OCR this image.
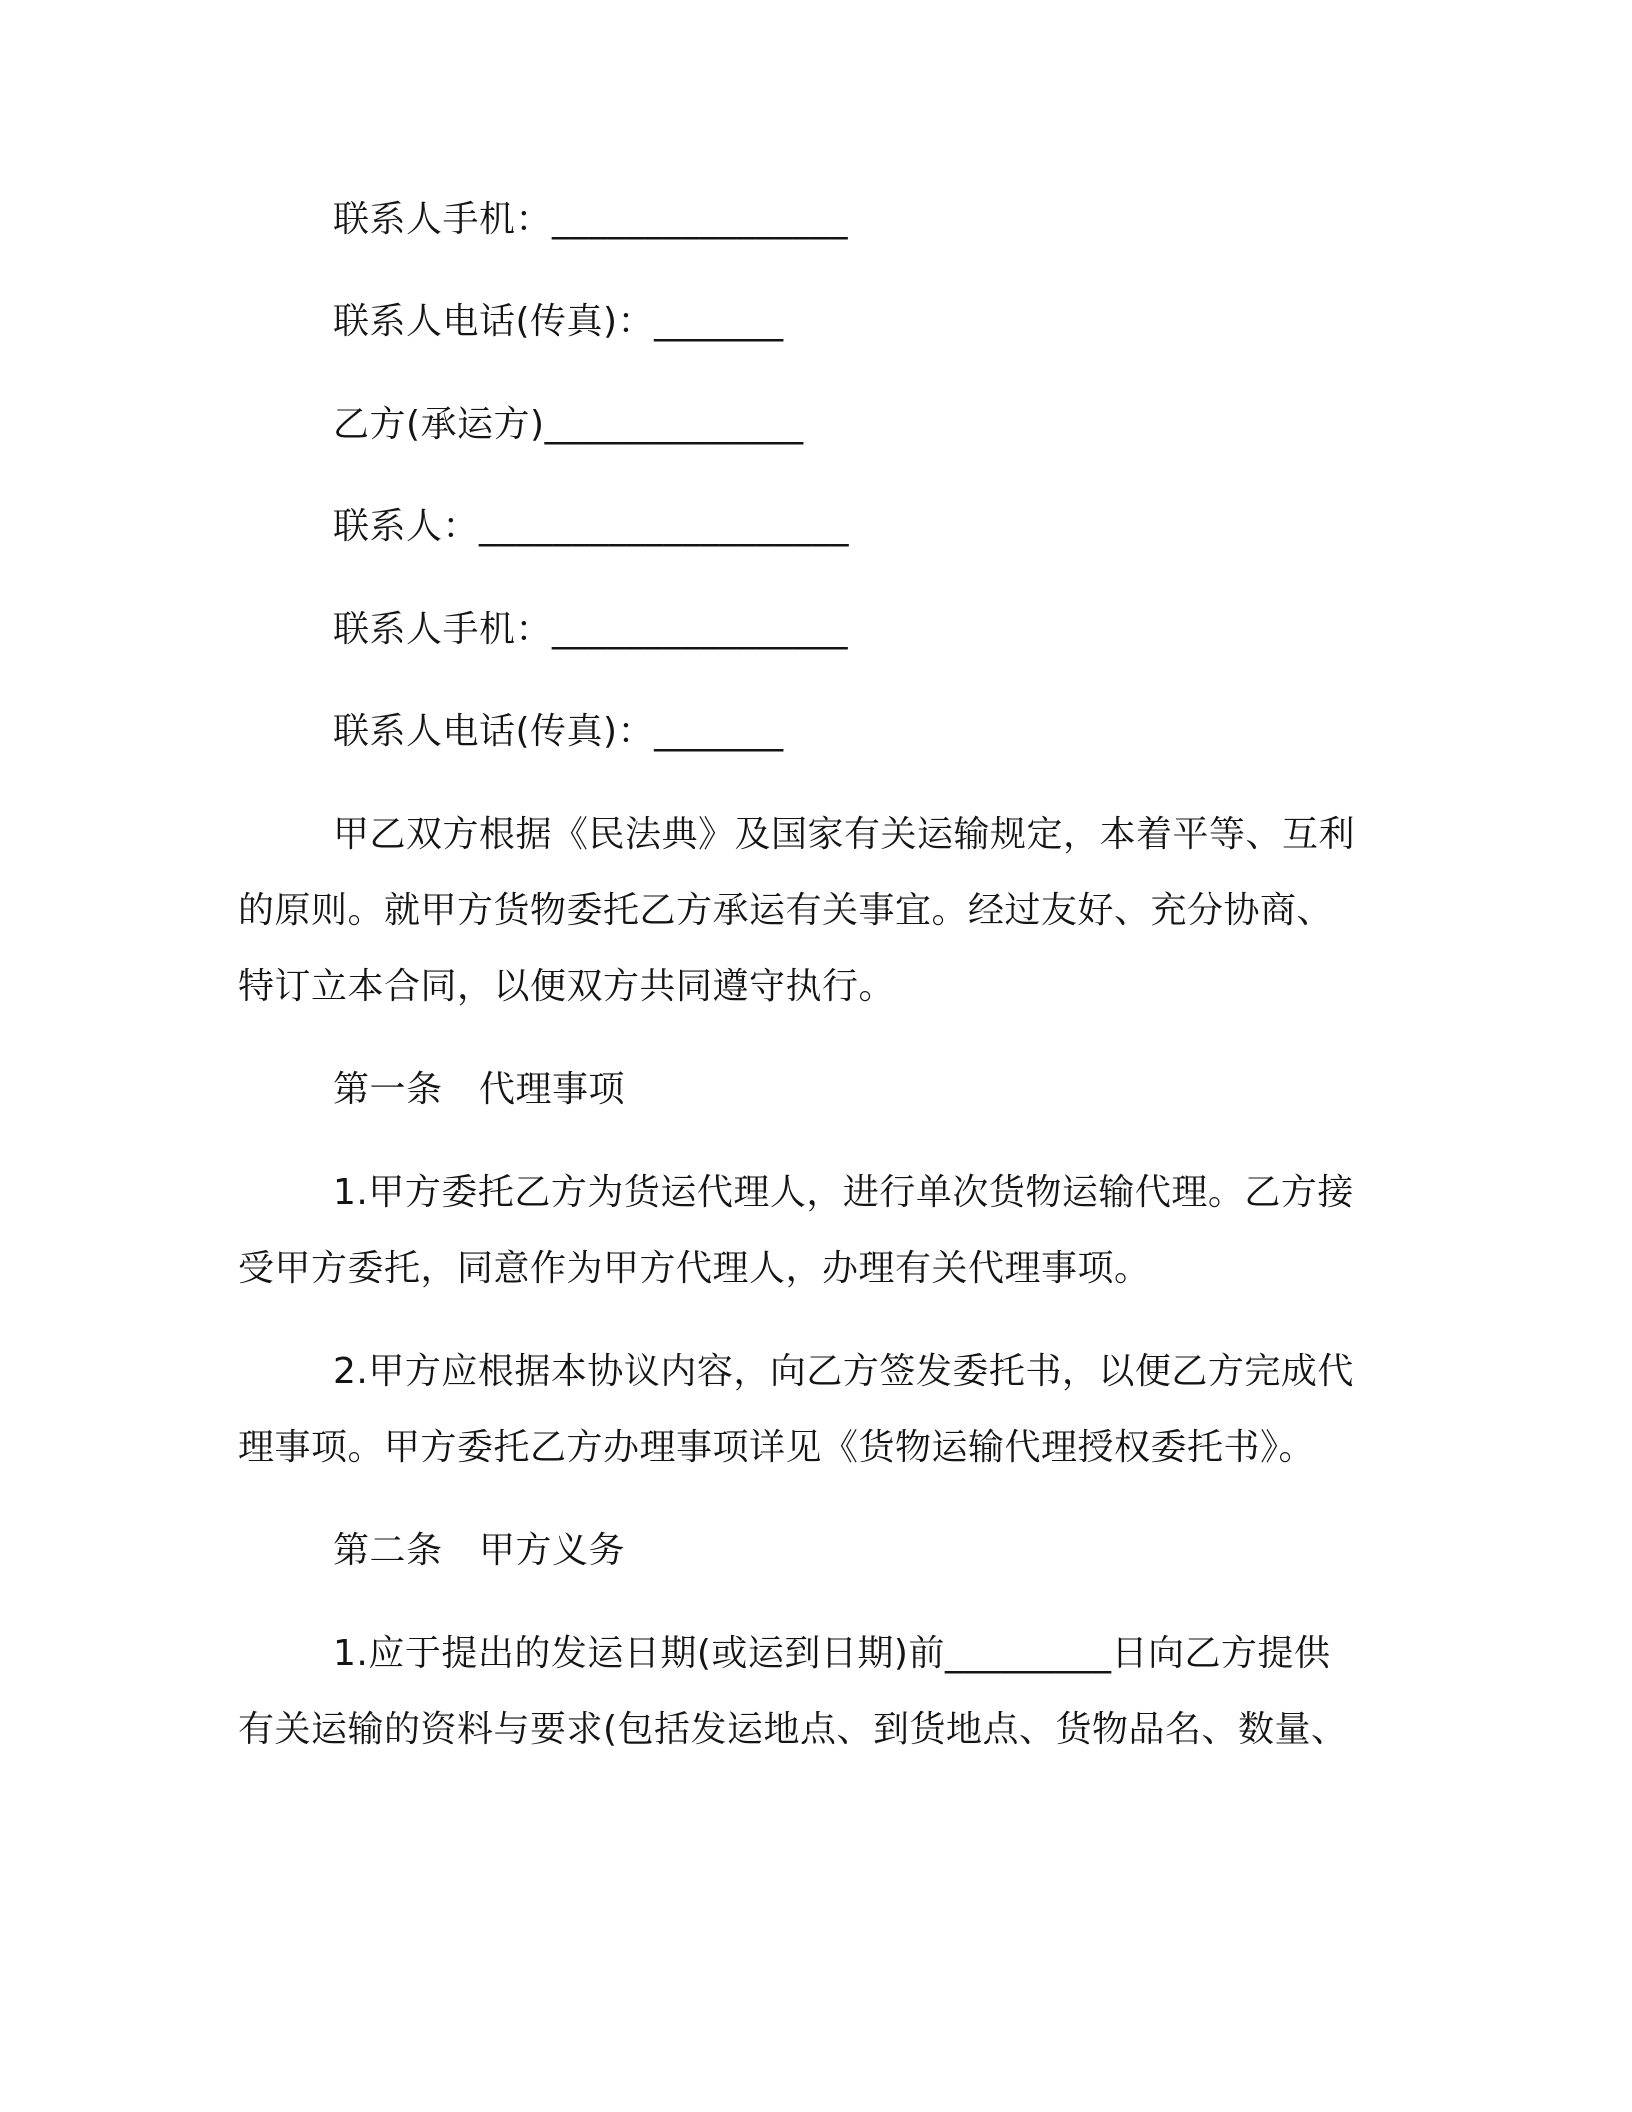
联系人手机：________________
联系人电话(传真)：_______
乙方(承运方)______________
联系人：____________________
联系人手机：________________
联系人电话(传真)：_______
甲乙双方根据《民法典》及国家有关运输规定，本着平等、互利
的原则。就甲方货物委托乙方承运有关事宜。经过友好、充分协商、
特订立本合同，以便双方共同遵守执行。
第一条　代理事项
1.甲方委托乙方为货运代理人，进行单次货物运输代理。乙方接
受甲方委托，同意作为甲方代理人，办理有关代理事项。
2.甲方应根据本协议内容，向乙方签发委托书，以便乙方完成代
理事项。甲方委托乙方办理事项详见《货物运输代理授权委托书》。
第二条　甲方义务
1.应于提出的发运日期(或运到日期)前_________日向乙方提供
有关运输的资料与要求(包括发运地点、到货地点、货物品名、数量、
